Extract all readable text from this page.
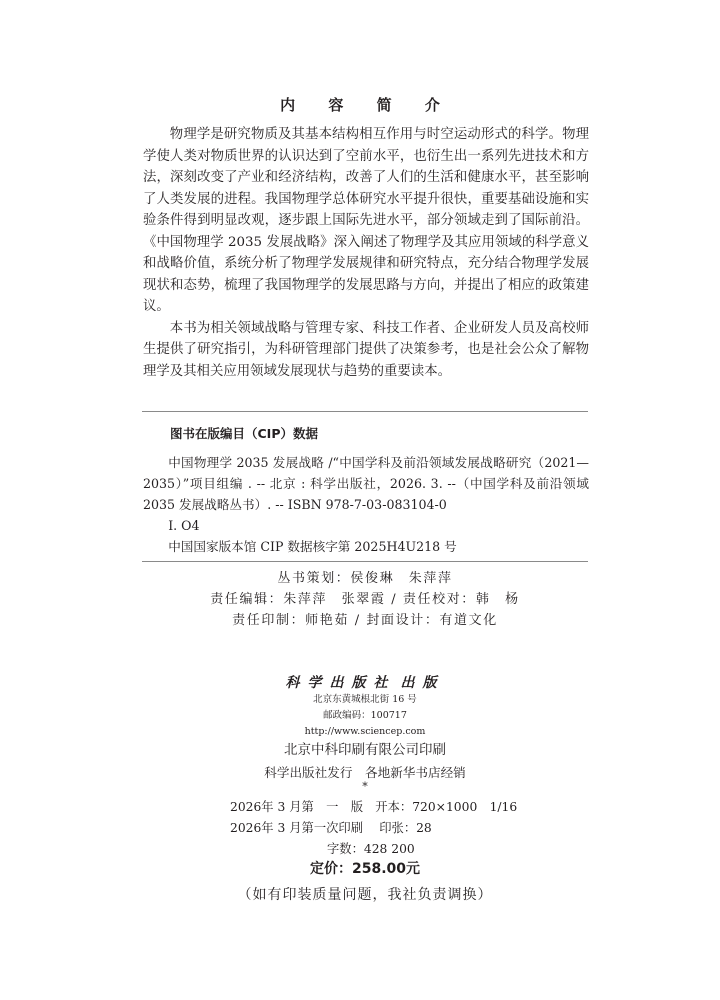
内 容 简 介

物理学是研究物质及其基本结构相互作用与时空运动形式的科学。物理学使人类对物质世界的认识达到了空前水平，也衍生出一系列先进技术和方法，深刻改变了产业和经济结构，改善了人们的生活和健康水平，甚至影响了人类发展的进程。我国物理学总体研究水平提升很快，重要基础设施和实验条件得到明显改观，逐步跟上国际先进水平，部分领域走到了国际前沿。《中国物理学 2035 发展战略》深入阐述了物理学及其应用领域的科学意义和战略价值，系统分析了物理学发展规律和研究特点，充分结合物理学发展现状和态势，梳理了我国物理学的发展思路与方向，并提出了相应的政策建议。

本书为相关领域战略与管理专家、科技工作者、企业研发人员及高校师生提供了研究指引，为科研管理部门提供了决策参考，也是社会公众了解物理学及其相关应用领域发展现状与趋势的重要读本。

图书在版编目（CIP）数据

中国物理学 2035 发展战略 /“中国学科及前沿领域发展战略研究（2021—2035）”项目组编 . -- 北京 : 科学出版社，2026. 3. --（中国学科及前沿领域 2035 发展战略丛书）. -- ISBN 978-7-03-083104-0

Ⅰ. O4

中国国家版本馆 CIP 数据核字第 2025H4U218 号

丛书策划：侯俊琳　朱萍萍

责任编辑：朱萍萍　张翠霞 / 责任校对：韩　杨

责任印制：师艳茹 / 封面设计：有道文化

科学出版社 出版

北京东黄城根北街 16 号

邮政编码：100717

http://www.sciencep.com

北京中科印刷有限公司印刷
科学出版社发行　各地新华书店经销
*

2026年 3 月第　一　版　开本：720×1000　1/16

2026年 3 月第一次印刷　 印张：28

字数：428 200
定价：258.00元
（如有印装质量问题，我社负责调换）
